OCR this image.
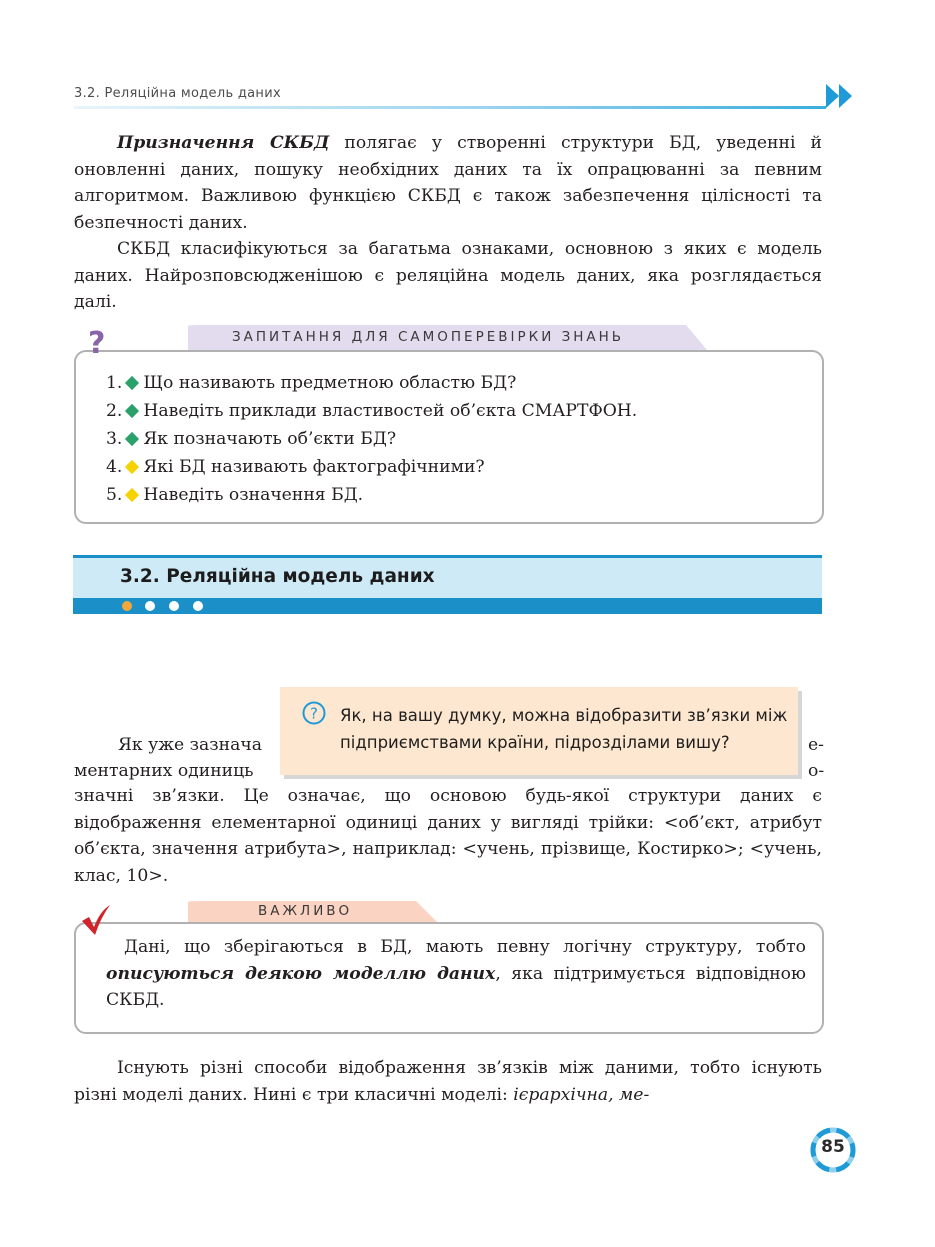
3.2. Реляційна модель даних
Призначення СКБД полягає у створенні структури БД, уведенні й оновленні даних, пошуку необхідних даних та їх опрацюванні за певним алгоритмом. Важливою функцією СКБД є також забезпечення цілісності та безпечності даних.
СКБД класифікуються за багатьма ознаками, основною з яких є модель даних. Найрозповсюдженішою є реляційна модель даних, яка розглядається далі.
ЗАПИТАННЯ ДЛЯ САМОПЕРЕВІРКИ ЗНАНЬ
?
1. Що називають предметною областю БД?
2. Наведіть приклади властивостей об’єкта СМАРТФОН.
3. Як позначають об’єкти БД?
4. Які БД називають фактографічними?
5. Наведіть означення БД.
3.2. Реляційна модель даних
Як уже зазнача	е-
ментарних одиниць	о-
значні зв’язки. Це означає, що основою будь-якої структури даних є відображення елементарної одиниці даних у вигляді трійки: <об’єкт, атрибут об’єкта, значення атрибута>, наприклад: <учень, прізвище, Костирко>; <учень, клас, 10>.
? Як, на вашу думку, можна відобразити зв’язки між підприємствами країни, підрозділами вишу?
ВАЖЛИВО
Дані, що зберігаються в БД, мають певну логічну структуру, тобто описуються деякою моделлю даних, яка підтримується відповідною СКБД.
Існують різні способи відображення зв’язків між даними, тобто існують різні моделі даних. Нині є три класичні моделі: ієрархічна, ме-
85
